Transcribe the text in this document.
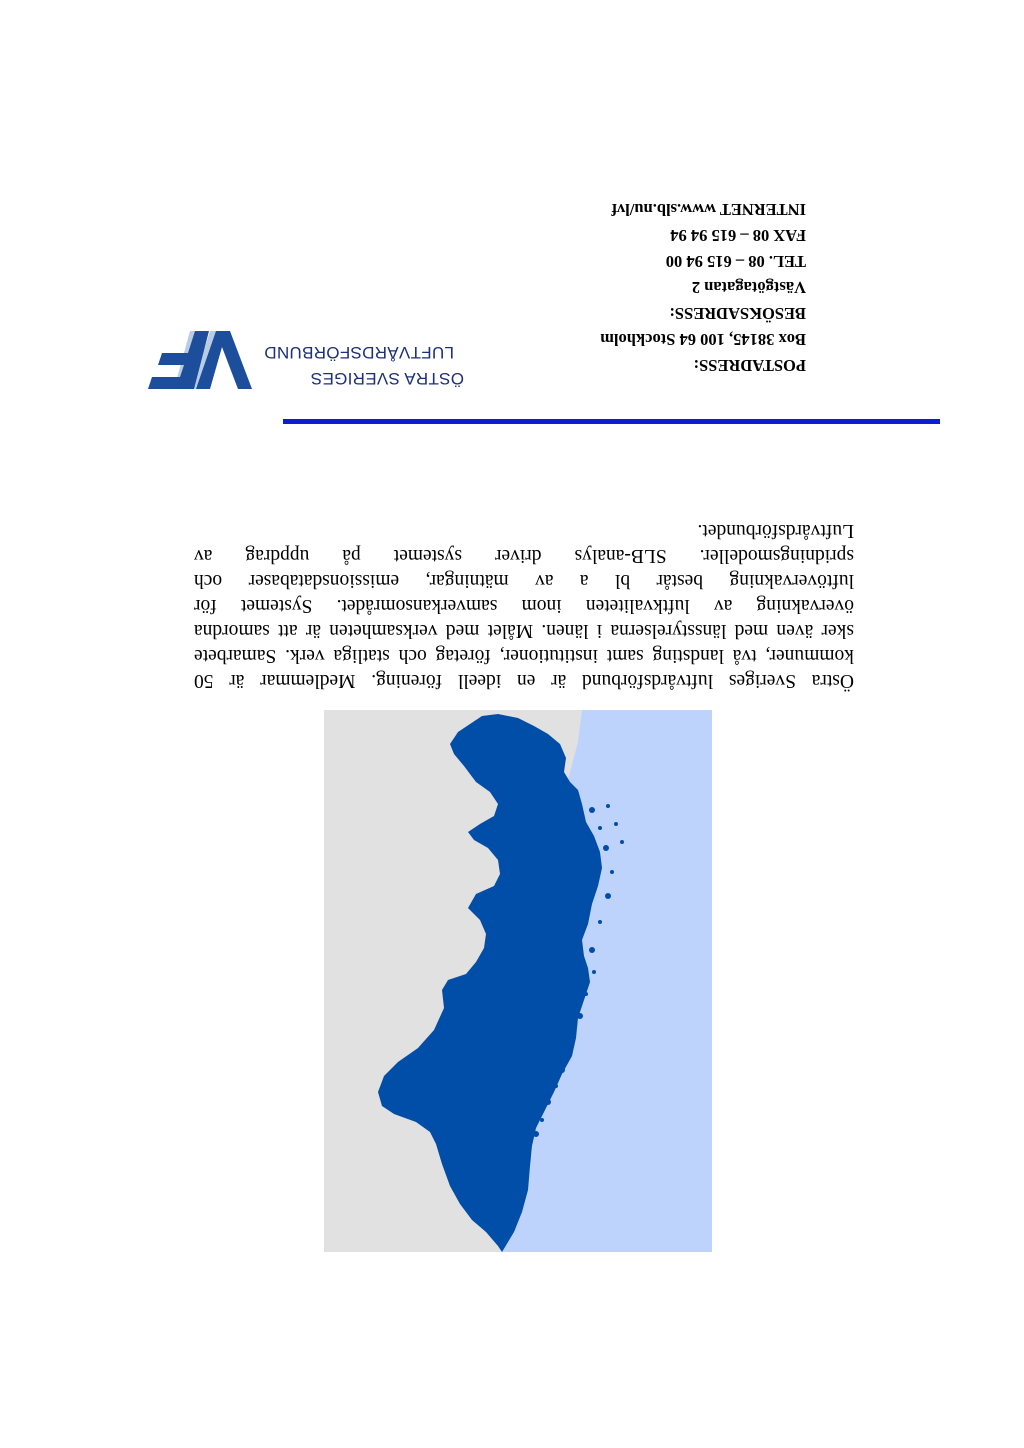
Östra Sveriges luftvårdsförbund är en ideell förening. Medlemmar är 50
kommuner, två landsting samt institutioner, företag och statliga verk. Samarbete
sker även med länsstyrelserna i länen. Målet med verksamheten är att samordna
övervakning av luftkvaliteten inom samverkansområdet. Systemet för
luftövervakning består bl a av mätningar, emissionsdatabaser och
spridningsmodeller. SLB-analys driver systemet på uppdrag av
Luftvårdsförbundet.
ÖSTRA SVERIGES
LUFTVÅRDSFÖRBUND
POSTADRESS:
Box 38145, 100 64 Stockholm
BESÖKSADRESS:
Västgötagatan 2
TEL. 08 – 615 94 00
FAX 08 – 615 94 94
INTERNET www.slb.nu/lvf
